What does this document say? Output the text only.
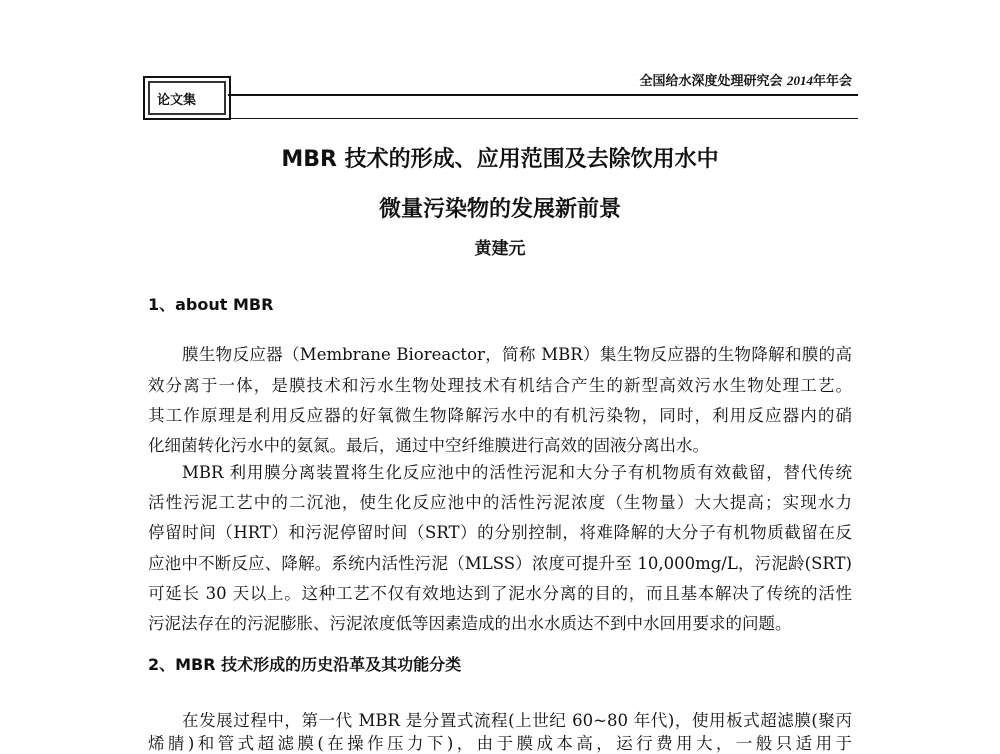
论文集
全国给水深度处理研究会 2014年年会
MBR 技术的形成、应用范围及去除饮用水中
微量污染物的发展新前景
黄建元
1、about MBR
膜生物反应器（Membrane Bioreactor，简称 MBR）集生物反应器的生物降解和膜的高
效分离于一体，是膜技术和污水生物处理技术有机结合产生的新型高效污水生物处理工艺。
其工作原理是利用反应器的好氧微生物降解污水中的有机污染物，同时，利用反应器内的硝
化细菌转化污水中的氨氮。最后，通过中空纤维膜进行高效的固液分离出水。
MBR 利用膜分离装置将生化反应池中的活性污泥和大分子有机物质有效截留，替代传统
活性污泥工艺中的二沉池，使生化反应池中的活性污泥浓度（生物量）大大提高；实现水力
停留时间（HRT）和污泥停留时间（SRT）的分别控制，将难降解的大分子有机物质截留在反
应池中不断反应、降解。系统内活性污泥（MLSS）浓度可提升至 10,000mg/L，污泥龄(SRT)
可延长 30 天以上。这种工艺不仅有效地达到了泥水分离的目的，而且基本解决了传统的活性
污泥法存在的污泥膨胀、污泥浓度低等因素造成的出水水质达不到中水回用要求的问题。
2、MBR 技术形成的历史沿革及其功能分类
在发展过程中，第一代 MBR 是分置式流程(上世纪 60~80 年代)，使用板式超滤膜(聚丙
烯腈)和管式超滤膜(在操作压力下)，由于膜成本高，运行费用大，一般只适用于
